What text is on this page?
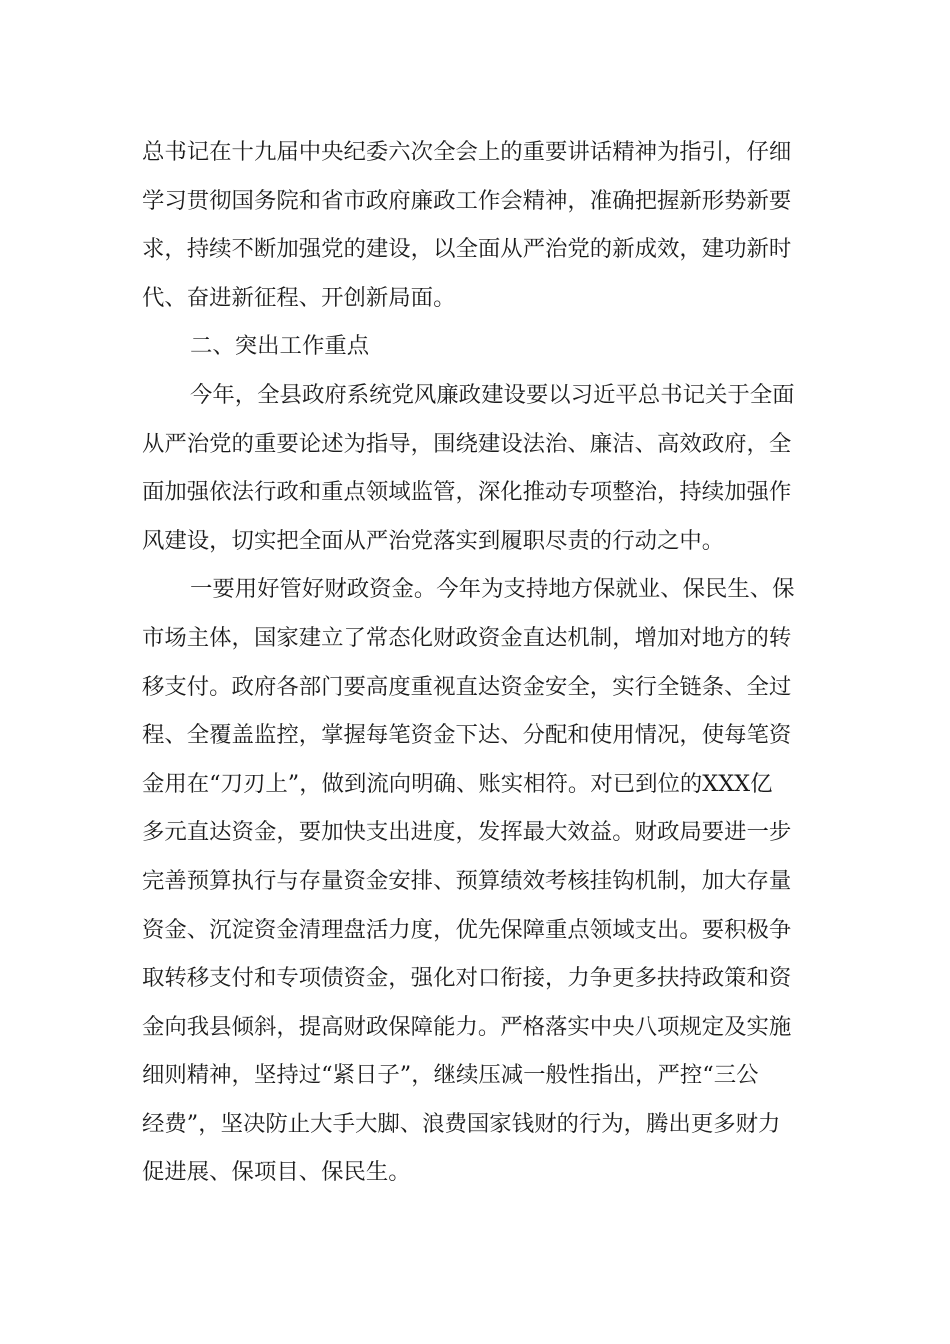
总书记在十九届中央纪委六次全会上的重要讲话精神为指引，仔细
学习贯彻国务院和省市政府廉政工作会精神，准确把握新形势新要
求，持续不断加强党的建设，以全面从严治党的新成效，建功新时
代、奋进新征程、开创新局面。
二、突出工作重点
今年，全县政府系统党风廉政建设要以习近平总书记关于全面
从严治党的重要论述为指导，围绕建设法治、廉洁、高效政府，全
面加强依法行政和重点领域监管，深化推动专项整治，持续加强作
风建设，切实把全面从严治党落实到履职尽责的行动之中。
一要用好管好财政资金。今年为支持地方保就业、保民生、保
市场主体，国家建立了常态化财政资金直达机制，增加对地方的转
移支付。政府各部门要高度重视直达资金安全，实行全链条、全过
程、全覆盖监控，掌握每笔资金下达、分配和使用情况，使每笔资
金用在“刀刃上”，做到流向明确、账实相符。对已到位的XXX亿
多元直达资金，要加快支出进度，发挥最大效益。财政局要进一步
完善预算执行与存量资金安排、预算绩效考核挂钩机制，加大存量
资金、沉淀资金清理盘活力度，优先保障重点领域支出。要积极争
取转移支付和专项债资金，强化对口衔接，力争更多扶持政策和资
金向我县倾斜，提高财政保障能力。严格落实中央八项规定及实施
细则精神，坚持过“紧日子”，继续压减一般性指出，严控“三公
经费”，坚决防止大手大脚、浪费国家钱财的行为，腾出更多财力
促进展、保项目、保民生。
